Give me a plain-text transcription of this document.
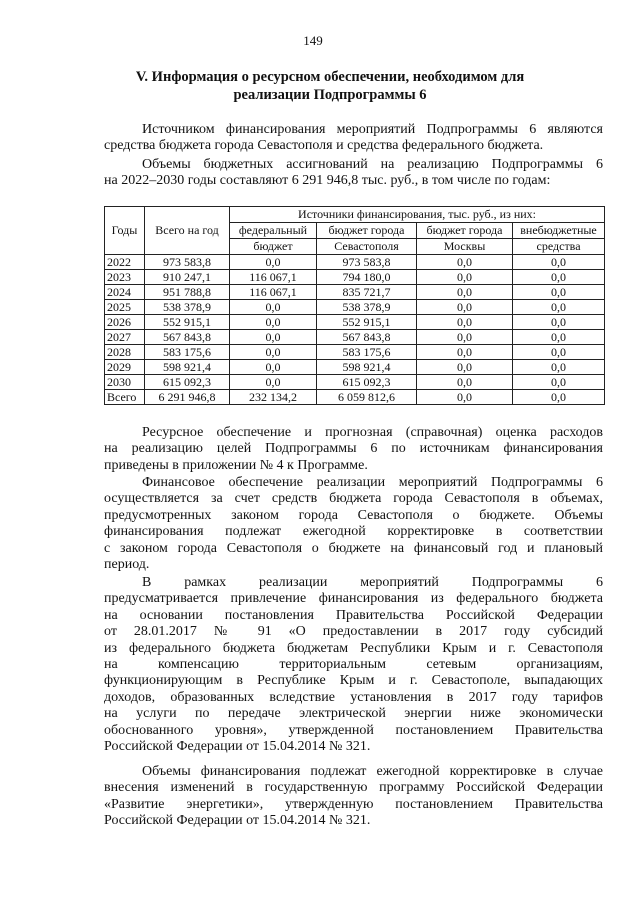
149
V. Информация о ресурсном обеспечении, необходимом для
реализации Подпрограммы 6
Источником финансирования мероприятий Подпрограммы 6 являются
средства бюджета города Севастополя и средства федерального бюджета.
Объемы бюджетных ассигнований на реализацию Подпрограммы 6
на 2022–2030 годы составляют 6 291 946,8 тыс. руб., в том числе по годам:
Годы	Всего на год	Источники финансирования, тыс. руб., из них:			
		федеральный	бюджет города	бюджет города	внебюджетные
		бюджет	Севастополя	Москвы	средства
2022	973 583,8	0,0	973 583,8	0,0	0,0
2023	910 247,1	116 067,1	794 180,0	0,0	0,0
2024	951 788,8	116 067,1	835 721,7	0,0	0,0
2025	538 378,9	0,0	538 378,9	0,0	0,0
2026	552 915,1	0,0	552 915,1	0,0	0,0
2027	567 843,8	0,0	567 843,8	0,0	0,0
2028	583 175,6	0,0	583 175,6	0,0	0,0
2029	598 921,4	0,0	598 921,4	0,0	0,0
2030	615 092,3	0,0	615 092,3	0,0	0,0
Всего	6 291 946,8	232 134,2	6 059 812,6	0,0	0,0
Ресурсное обеспечение и прогнозная (справочная) оценка расходов
на реализацию целей Подпрограммы 6 по источникам финансирования
приведены в приложении № 4 к Программе.
Финансовое обеспечение реализации мероприятий Подпрограммы 6
осуществляется за счет средств бюджета города Севастополя в объемах,
предусмотренных законом города Севастополя о бюджете. Объемы
финансирования подлежат ежегодной корректировке в соответствии
с законом города Севастополя о бюджете на финансовый год и плановый
период.
В рамках реализации мероприятий Подпрограммы 6
предусматривается привлечение финансирования из федерального бюджета
на основании постановления Правительства Российской Федерации
от 28.01.2017 № 91 «О предоставлении в 2017 году субсидий
из федерального бюджета бюджетам Республики Крым и г. Севастополя
на компенсацию территориальным сетевым организациям,
функционирующим в Республике Крым и г. Севастополе, выпадающих
доходов, образованных вследствие установления в 2017 году тарифов
на услуги по передаче электрической энергии ниже экономически
обоснованного уровня», утвержденной постановлением Правительства
Российской Федерации от 15.04.2014 № 321.
Объемы финансирования подлежат ежегодной корректировке в случае
внесения изменений в государственную программу Российской Федерации
«Развитие энергетики», утвержденную постановлением Правительства
Российской Федерации от 15.04.2014 № 321.
